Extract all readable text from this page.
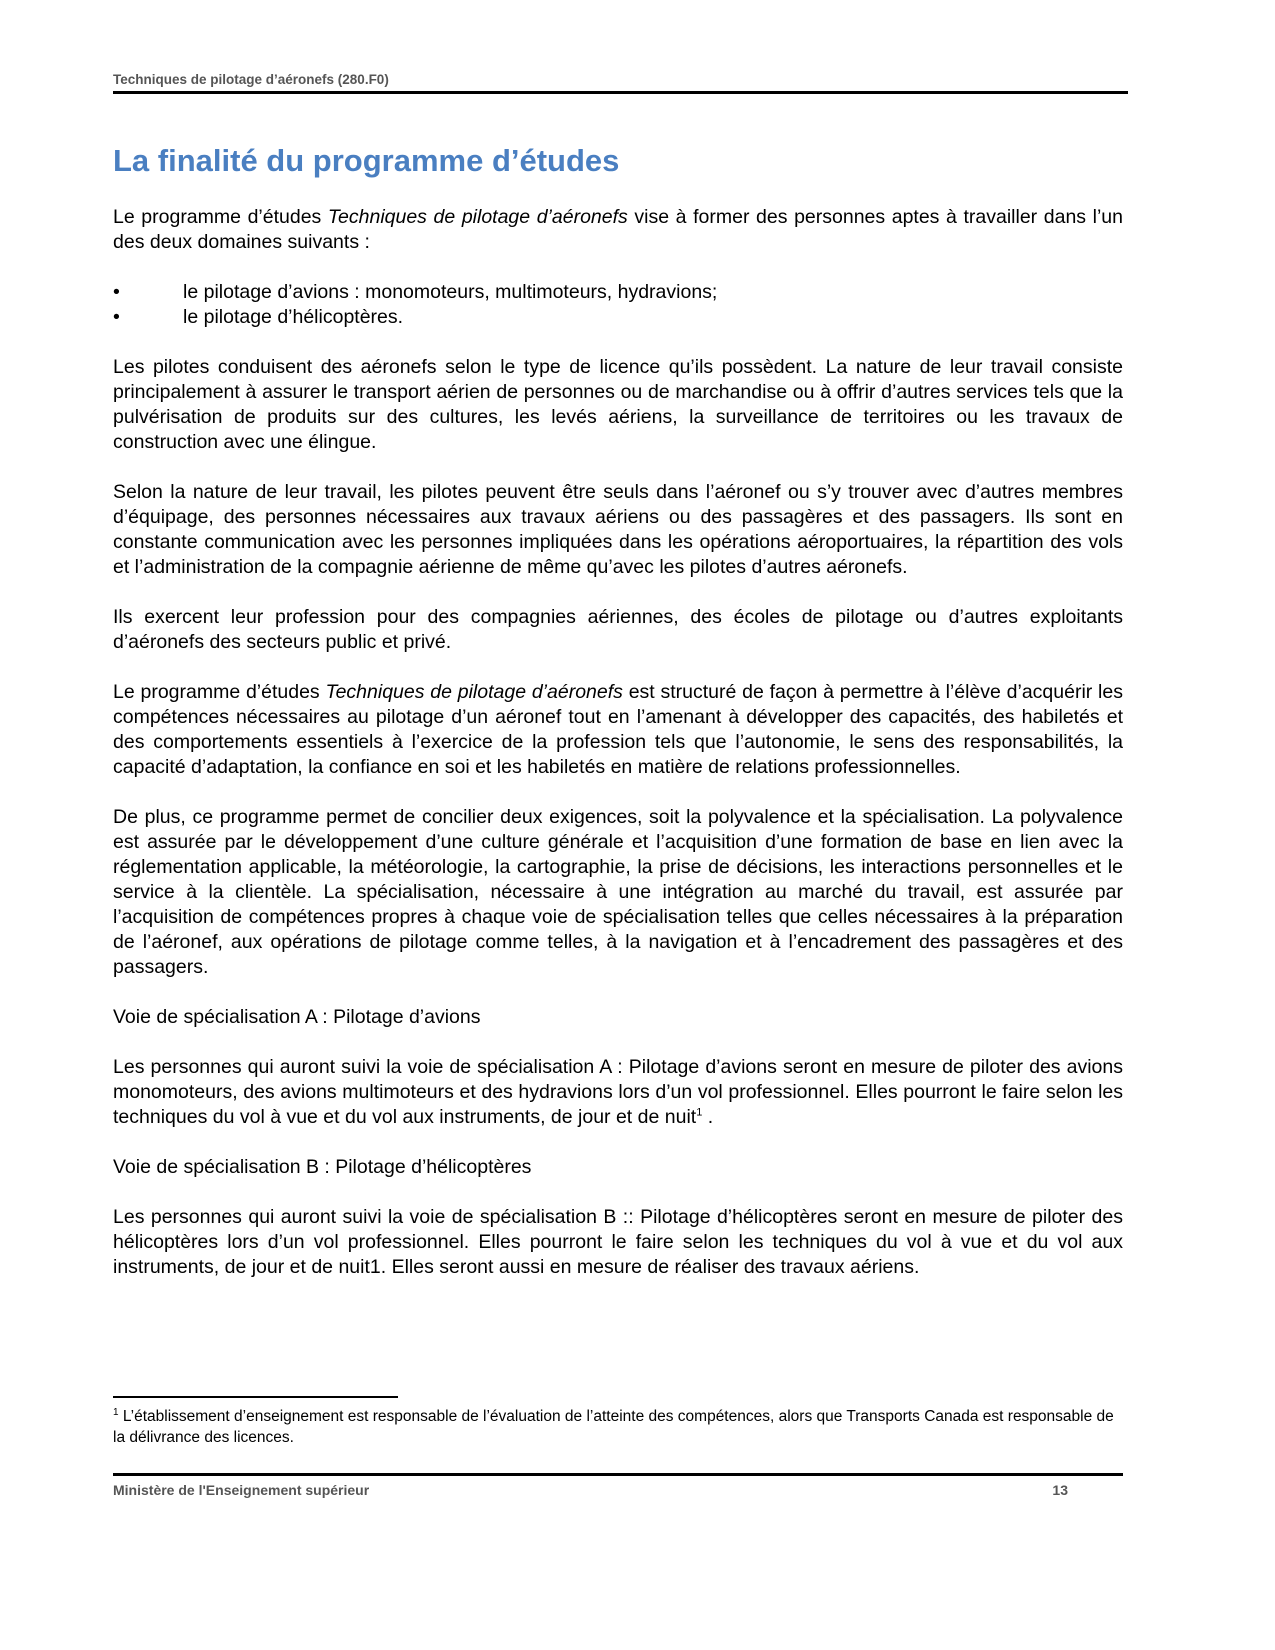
Techniques de pilotage d’aéronefs (280.F0)
La finalité du programme d’études

Le programme d’études Techniques de pilotage d’aéronefs vise à former des personnes aptes à travailler dans l’un des deux domaines suivants :

•	le pilotage d’avions : monomoteurs, multimoteurs, hydravions;
•	le pilotage d’hélicoptères.

Les pilotes conduisent des aéronefs selon le type de licence qu’ils possèdent. La nature de leur travail consiste principalement à assurer le transport aérien de personnes ou de marchandise ou à offrir d’autres services tels que la pulvérisation de produits sur des cultures, les levés aériens, la surveillance de territoires ou les travaux de construction avec une élingue.

Selon la nature de leur travail, les pilotes peuvent être seuls dans l’aéronef ou s’y trouver avec d’autres membres d’équipage, des personnes nécessaires aux travaux aériens ou des passagères et des passagers. Ils sont en constante communication avec les personnes impliquées dans les opérations aéroportuaires, la répartition des vols et l’administration de la compagnie aérienne de même qu’avec les pilotes d’autres aéronefs.

Ils exercent leur profession pour des compagnies aériennes, des écoles de pilotage ou d’autres exploitants d’aéronefs des secteurs public et privé.

Le programme d’études Techniques de pilotage d’aéronefs est structuré de façon à permettre à l’élève d’acquérir les compétences nécessaires au pilotage d’un aéronef tout en l’amenant à développer des capacités, des habiletés et des comportements essentiels à l’exercice de la profession tels que l’autonomie, le sens des responsabilités, la capacité d’adaptation, la confiance en soi et les habiletés en matière de relations professionnelles.

De plus, ce programme permet de concilier deux exigences, soit la polyvalence et la spécialisation. La polyvalence est assurée par le développement d’une culture générale et l’acquisition d’une formation de base en lien avec la réglementation applicable, la météorologie, la cartographie, la prise de décisions, les interactions personnelles et le service à la clientèle. La spécialisation, nécessaire à une intégration au marché du travail, est assurée par l’acquisition de compétences propres à chaque voie de spécialisation telles que celles nécessaires à la préparation de l’aéronef, aux opérations de pilotage comme telles, à la navigation et à l’encadrement des passagères et des passagers.

Voie de spécialisation A : Pilotage d’avions

Les personnes qui auront suivi la voie de spécialisation A : Pilotage d’avions seront en mesure de piloter des avions monomoteurs, des avions multimoteurs et des hydravions lors d’un vol professionnel. Elles pourront le faire selon les techniques du vol à vue et du vol aux instruments, de jour et de nuit$^1$ .

Voie de spécialisation B : Pilotage d’hélicoptères

Les personnes qui auront suivi la voie de spécialisation B :: Pilotage d’hélicoptères seront en mesure de piloter des hélicoptères lors d’un vol professionnel. Elles pourront le faire selon les techniques du vol à vue et du vol aux instruments, de jour et de nuit1. Elles seront aussi en mesure de réaliser des travaux aériens.

$^1$ L’établissement d’enseignement est responsable de l’évaluation de l’atteinte des compétences, alors que Transports Canada est responsable de la délivrance des licences.
Ministère de l'Enseignement supérieur	13
